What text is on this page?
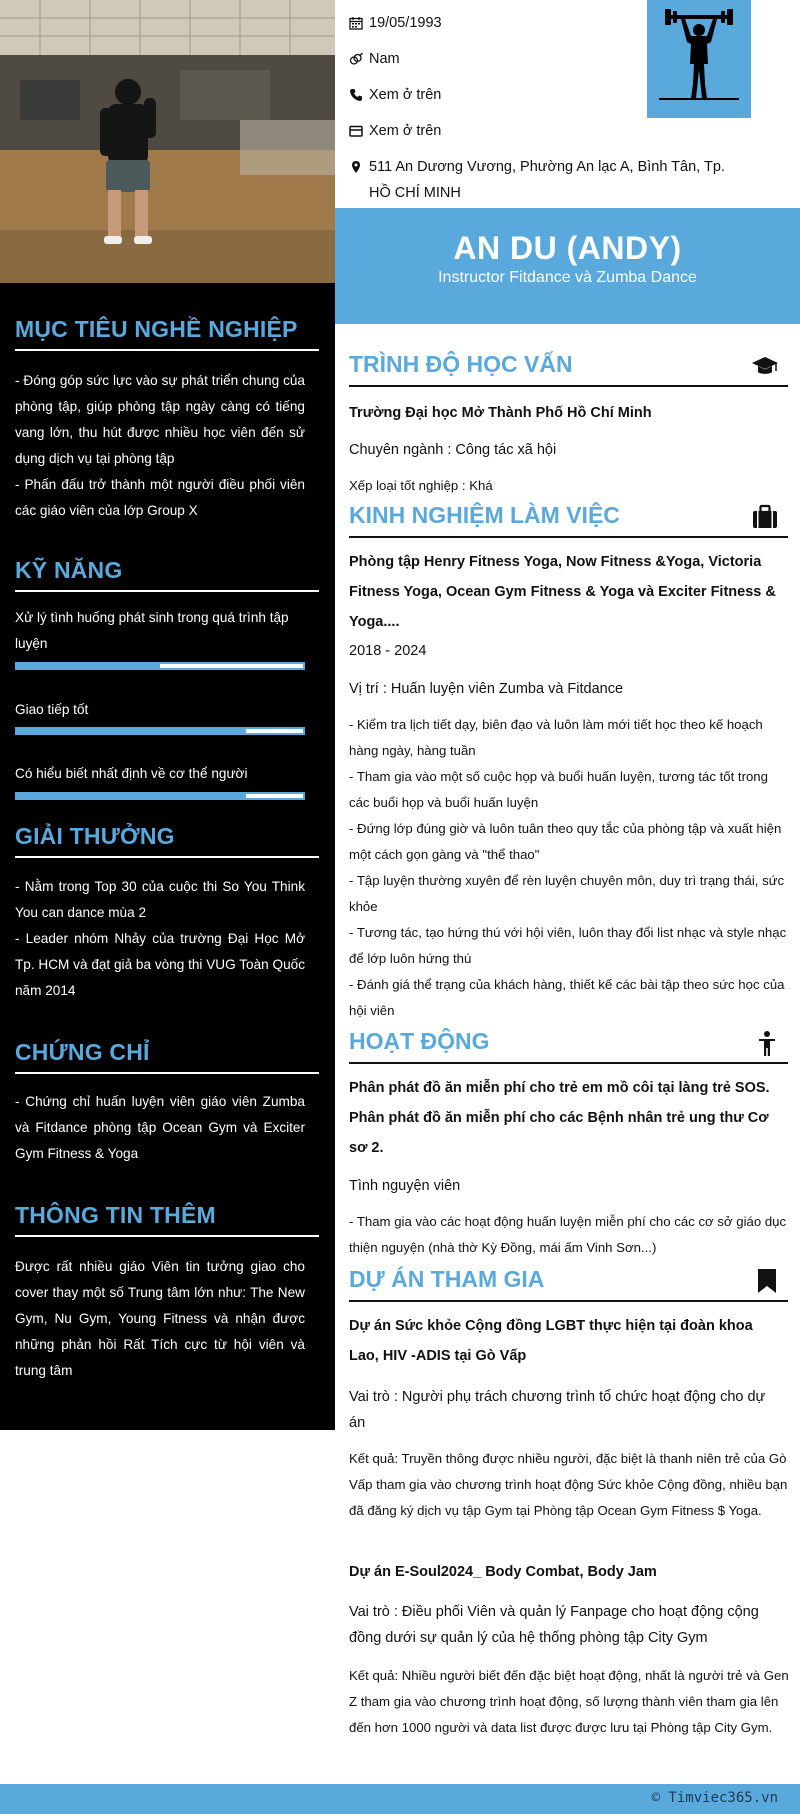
MỤC TIÊU NGHỀ NGHIỆP

- Đóng góp sức lực vào sự phát triển chung của phòng tập, giúp phòng tập ngày càng có tiếng vang lớn, thu hút được nhiều học viên đến sử dụng dịch vụ tại phòng tập

- Phấn đấu trở thành một người điều phối viên các giáo viên của lớp Group X

KỸ NĂNG
Xử lý tình huống phát sinh trong quá trình tập luyện
Giao tiếp tốt
Có hiểu biết nhất định về cơ thể người
GIẢI THƯỞNG

- Nằm trong Top 30 của cuộc thi So You Think You can dance mùa 2

- Leader nhóm Nhảy của trường Đại Học Mở Tp. HCM và đạt giả ba vòng thi VUG Toàn Quốc năm 2014

CHỨNG CHỈ

- Chứng chỉ huấn luyện viên giáo viên Zumba và Fitdance phòng tập Ocean Gym và Exciter Gym Fitness & Yoga

THÔNG TIN THÊM

Được rất nhiều giáo Viên tin tưởng giao cho cover thay một số Trung tâm lớn như: The New Gym, Nu Gym, Young Fitness và nhận được những phản hồi Rất Tích cực từ hội viên và trung tâm

19/05/1993
Nam
Xem ở trên
Xem ở trên
511 An Dương Vương, Phường An lạc A, Bình Tân, Tp.
HỒ CHÍ MINH
AN DU (ANDY)
Instructor Fitdance và Zumba Dance
TRÌNH ĐỘ HỌC VẤN
Trường Đại học Mở Thành Phố Hồ Chí Minh
Chuyên ngành : Công tác xã hội
Xếp loại tốt nghiệp : Khá
KINH NGHIỆM LÀM VIỆC
Phòng tập Henry Fitness Yoga, Now Fitness &Yoga, Victoria Fitness Yoga, Ocean Gym Fitness & Yoga và Exciter Fitness & Yoga....
2018 - 2024
Vị trí : Huấn luyện viên Zumba và Fitdance

- Kiểm tra lịch tiết dạy, biên đạo và luôn làm mới tiết học theo kế hoạch hàng ngày, hàng tuần

- Tham gia vào một số cuộc họp và buổi huấn luyện, tương tác tốt trong các buổi họp và buổi huấn luyện

- Đứng lớp đúng giờ và luôn tuân theo quy tắc của phòng tập và xuất hiện một cách gọn gàng và "thể thao"

- Tập luyện thường xuyên để rèn luyện chuyên môn, duy trì trạng thái, sức khỏe

- Tương tác, tạo hứng thú với hội viên, luôn thay đổi list nhạc và style nhạc để lớp luôn hứng thú

- Đánh giá thể trạng của khách hàng, thiết kế các bài tập theo sức học của hội viên

HOẠT ĐỘNG
Phân phát đồ ăn miễn phí cho trẻ em mồ côi tại làng trẻ SOS. Phân phát đồ ăn miễn phí cho các Bệnh nhân trẻ ung thư Cơ sơ 2.
Tình nguyện viên
- Tham gia vào các hoạt động huấn luyện miễn phí cho các cơ sở giáo dục thiện nguyện (nhà thờ Kỳ Đồng, mái ấm Vinh Sơn...)
DỰ ÁN THAM GIA
Dự án Sức khỏe Cộng đồng LGBT thực hiện tại đoàn khoa Lao, HIV -ADIS tại Gò Vấp
Vai trò : Người phụ trách chương trình tổ chức hoạt động cho dự án
Kết quả: Truyền thông được nhiều người, đặc biệt là thanh niên trẻ của Gò Vấp tham gia vào chương trình hoạt động Sức khỏe Cộng đồng, nhiều bạn đã đăng ký dịch vụ tập Gym tại Phòng tập Ocean Gym Fitness $ Yoga.
Dự án E-Soul2024_ Body Combat, Body Jam
Vai trò : Điều phối Viên và quản lý Fanpage cho hoạt động cộng đồng dưới sự quản lý của hệ thống phòng tập City Gym
Kết quả: Nhiều người biết đến đặc biệt hoạt động, nhất là người trẻ và Gen Z tham gia vào chương trình hoạt động, số lượng thành viên tham gia lên đến hơn 1000 người và data list được được lưu tại Phòng tập City Gym.
© Timviec365.vn
